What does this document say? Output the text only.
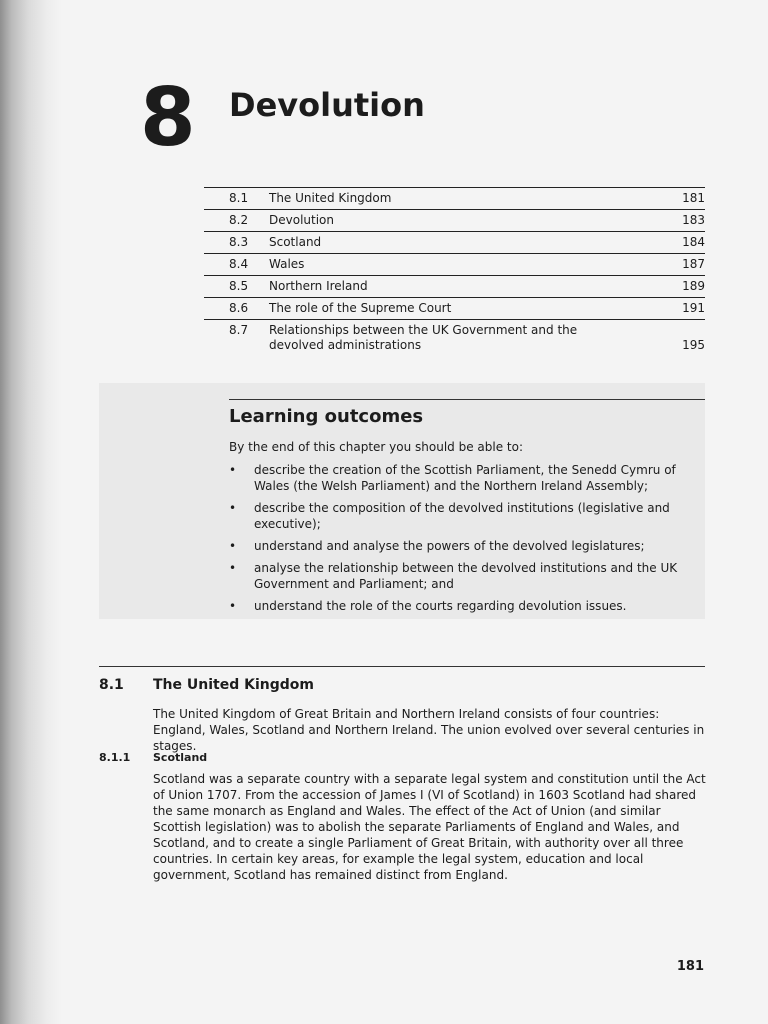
8 Devolution
8.1	The United Kingdom	181
8.2	Devolution	183
8.3	Scotland	184
8.4	Wales	187
8.5	Northern Ireland	189
8.6	The role of the Supreme Court	191
8.7	Relationships between the UK Government and the devolved administrations	195
Learning outcomes
By the end of this chapter you should be able to:
• describe the creation of the Scottish Parliament, the Senedd Cymru of Wales (the Welsh Parliament) and the Northern Ireland Assembly;
• describe the composition of the devolved institutions (legislative and executive);
• understand and analyse the powers of the devolved legislatures;
• analyse the relationship between the devolved institutions and the UK Government and Parliament; and
• understand the role of the courts regarding devolution issues.
8.1 The United Kingdom

The United Kingdom of Great Britain and Northern Ireland consists of four countries: England, Wales, Scotland and Northern Ireland. The union evolved over several centuries in stages.

8.1.1 Scotland

Scotland was a separate country with a separate legal system and constitution until the Act of Union 1707. From the accession of James I (VI of Scotland) in 1603 Scotland had shared the same monarch as England and Wales. The effect of the Act of Union (and similar Scottish legislation) was to abolish the separate Parliaments of England and Wales, and Scotland, and to create a single Parliament of Great Britain, with authority over all three countries. In certain key areas, for example the legal system, education and local government, Scotland has remained distinct from England.

181
